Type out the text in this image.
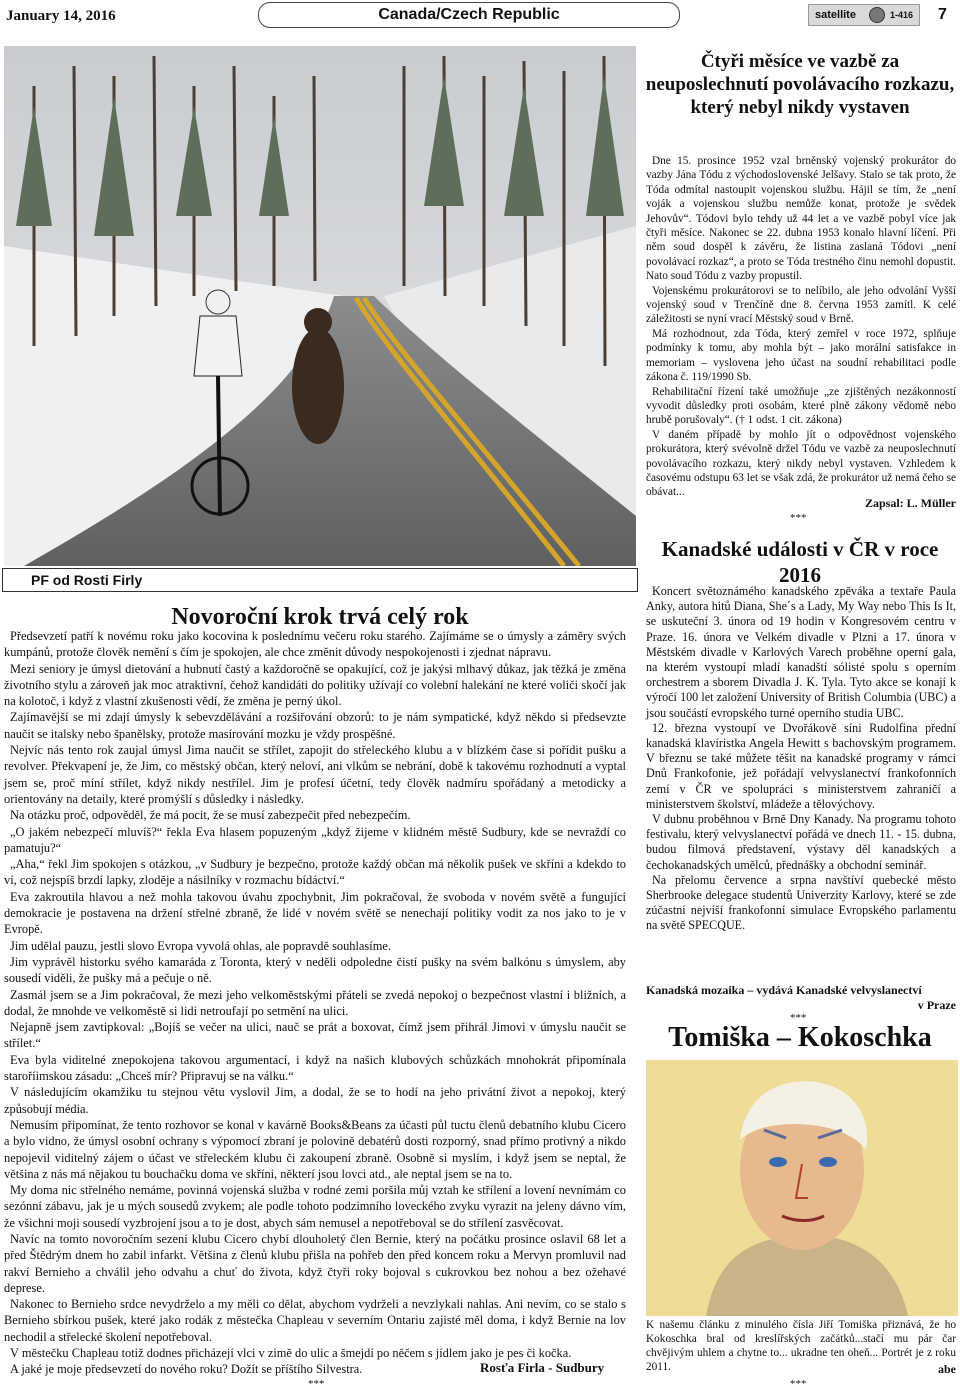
January 14, 2016	Canada/Czech Republic	satellite	1-416 7
PF od Rosti Firly
Novoroční krok trvá celý rok

Předsevzetí patří k novému roku jako kocovina k poslednímu večeru roku starého. Zajímáme se o úmysly a záměry svých kumpánů, protože člověk nemění s čím je spokojen, ale chce změnit důvody nespokojenosti i zjednat nápravu.

Mezi seniory je úmysl dietování a hubnutí častý a každoročně se opakující, což je jakýsi mlhavý důkaz, jak těžká je změna životního stylu a zároveň jak moc atraktivní, čehož kandidáti do politiky užívají co volební halekání ne které voliči skočí jak na kolotoč, i když z vlastní zkušenosti vědí, že změna je perný úkol.

Zajímavější se mi zdají úmysly k sebevzdělávání a rozšiřování obzorů: to je nám sympatické, když někdo si předsevzte naučit se italsky nebo španělsky, protože masírování mozku je vždy prospěšné.

Nejvíc nás tento rok zaujal úmysl Jima naučit se střílet, zapojit do střeleckého klubu a v blízkém čase si pořídit pušku a revolver. Překvapení je, že Jim, co městský občan, který neloví, ani vlkům se nebrání, době k takovému rozhodnutí a vyptal jsem se, proč míní střílet, když nikdy nestřílel. Jim je profesí účetní, tedy člověk nadmíru spořádaný a metodicky a orientovány na detaily, které promýšlí s důsledky i následky.

Na otázku proč, odpověděl, že má pocit, že se musí zabezpečit před nebezpečím.

„O jakém nebezpečí mluvíš?“ řekla Eva hlasem popuzeným „když žijeme v klidném městě Sudbury, kde se nevraždí co pamatuju?“

„Aha,“ řekl Jim spokojen s otázkou, „v Sudbury je bezpečno, protože každý občan má několik pušek ve skříni a kdekdo to ví, což nejspíš brzdí lapky, zloděje a násilníky v rozmachu bídáctví.“

Eva zakroutila hlavou a než mohla takovou úvahu zpochybnit, Jim pokračoval, že svoboda v novém světě a fungující demokracie je postavena na držení střelné zbraně, že lidé v novém světě se nenechají politiky vodit za nos jako to je v Evropě.

Jim udělal pauzu, jestli slovo Evropa vyvolá ohlas, ale popravdě souhlasíme.

Jim vyprávěl historku svého kamaráda z Toronta, který v neděli odpoledne čistí pušky na svém balkónu s úmyslem, aby sousedí viděli, že pušky má a pečuje o ně.

Zasmál jsem se a Jim pokračoval, že mezi jeho velkoměstskými přáteli se zvedá nepokoj o bezpečnost vlastní i bližních, a dodal, že mnohde ve velkoměstě si lidi netroufají po setmění na ulici.

Nejapně jsem zavtipkoval: „Bojíš se večer na ulici, nauč se prát a boxovat, čímž jsem přihrál Jimovi v úmyslu naučit se střílet.“

Eva byla viditelné znepokojena takovou argumentací, i když na našich klubových schůzkách mnohokrát připomínala staroříimskou zásadu: „Chceš mír? Připravuj se na válku.“

V následujícím okamžiku tu stejnou větu vyslovil Jim, a dodal, že se to hodí na jeho privátní život a nepokoj, který způsobují média.

Nemusím připomínat, že tento rozhovor se konal v kavárně Books&Beans za účasti půl tuctu členů debatního klubu Cicero a bylo vidno, že úmysl osobní ochrany s výpomocí zbraní je polovině debatérů dosti rozporný, snad přímo protivný a nikdo nepojevil viditelný zájem o účast ve střeleckém klubu či zakoupení zbraně. Osobně si myslím, i když jsem se neptal, že většina z nás má nějakou tu bouchačku doma ve skříni, některí jsou lovci atd., ale neptal jsem se na to.

My doma nic střelného nemáme, povinná vojenská služba v rodné zemi poršila můj vztah ke střílení a lovení nevnímám co sezónní zábavu, jak je u mých sousedů zvykem; ale podle tohoto podzimního loveckého zvyku vyrazit na jeleny dávno vím, že všichni moji sousedí vyzbrojení jsou a to je dost, abych sám nemusel a nepotřeboval se do střílení zasvěcovat.

Navíc na tomto novoročním sezení klubu Cicero chybí dlouholetý člen Bernie, který na počátku prosince oslavil 68 let a před Štědrým dnem ho zabil infarkt. Většina z členů klubu přišla na pohřeb den před koncem roku a Mervyn promluvil nad rakví Bernieho a chválil jeho odvahu a chuť do života, když čtyři roky bojoval s cukrovkou bez nohou a bez ožehavé deprese.

Nakonec to Bernieho srdce nevydrželo a my měli co dělat, abychom vydrželi a nevzlykali nahlas. Ani nevím, co se stalo s Bernieho sbírkou pušek, které jako rodák z městečka Chapleau v severním Ontariu zajisté měl doma, i když Bernie na lov nechodil a střelecké školení nepotřeboval.

V městečku Chapleau totiž dodnes přicházejí vlci v zimě do ulic a šmejdí po něčem s jídlem jako je pes či kočka.

A jaké je moje předsevzetí do nového roku? Dožít se příštího Silvestra.	Rosťa Firla - Sudbury
***
Čtyři měsíce ve vazbě za neuposlechnutí povolávacího rozkazu, který nebyl nikdy vystaven

Dne 15. prosince 1952 vzal brněnský vojenský prokurátor do vazby Jána Tódu z východoslovenské Jelšavy. Stalo se tak proto, že Tóda odmítal nastoupit vojenskou službu. Hájil se tím, že „není voják a vojenskou službu nemůže konat, protože je svědek Jehovův“. Tódovi bylo tehdy už 44 let a ve vazbě pobyl více jak čtyři měsíce. Nakonec se 22. dubna 1953 konalo hlavní líčení. Při něm soud dospěl k závěru, že listina zaslaná Tódovi „není povolávací rozkaz“, a proto se Tóda trestného činu nemohl dopustit. Nato soud Tódu z vazby propustil.

Vojenskému prokurátorovi se to nelíbilo, ale jeho odvolání Vyšší vojenský soud v Trenčíně dne 8. června 1953 zamítl. K celé záležitosti se nyní vrací Městský soud v Brně.

Má rozhodnout, zda Tóda, který zemřel v roce 1972, splňuje podmínky k tomu, aby mohla být – jako morální satisfakce in memoriam – vyslovena jeho účast na soudní rehabilitaci podle zákona č. 119/1990 Sb.

Rehabilitační řízení také umožňuje „ze zjištěných nezákonností vyvodit důsledky proti osobám, které plně zákony vědomě nebo hrubě porušovaly“. († 1 odst. 1 cit. zákona)

V daném případě by mohlo jít o odpovědnost vojenského prokurátora, který svévolně držel Tódu ve vazbě za neuposlechnutí povolávacího rozkazu, který nikdy nebyl vystaven. Vzhledem k časovému odstupu 63 let se však zdá, že prokurátor už nemá čeho se obávat...

Zapsal: L. Müller
***
Kanadské události v ČR v roce 2016

Koncert světoznámého kanadského zpěváka a textaře Paula Anky, autora hitů Diana, She´s a Lady, My Way nebo This Is It, se uskuteční 3. února od 19 hodin v Kongresovém centru v Praze. 16. února ve Velkém divadle v Plzni a 17. února v Městském divadle v Karlových Varech proběhne operní gala, na kterém vystoupí mladí kanadští sólisté spolu s operním orchestrem a sborem Divadla J. K. Tyla. Tyto akce se konají k výročí 100 let založení University of British Columbia (UBC) a jsou součástí evropského turné operního studia UBC.

12. března vystoupí ve Dvořákově síni Rudolfina přední kanadská klavíristka Angela Hewitt s bachovským programem. V březnu se také můžete těšit na kanadské programy v rámci Dnů Frankofonie, jež pořádají velvyslanectví frankofonních zemí v ČR ve spolupráci s ministerstvem zahraničí a ministerstvem školství, mládeže a tělovýchovy.

V dubnu proběhnou v Brně Dny Kanady. Na programu tohoto festivalu, který velvyslanectví pořádá ve dnech 11. - 15. dubna, budou filmová představení, výstavy děl kanadských a čechokanadských umělců, přednášky a obchodní seminář.

Na přelomu července a srpna navštíví quebecké město Sherbrooke delegace studentů Univerzity Karlovy, které se zde zúčastní nejvíší frankofonní simulace Evropského parlamentu na světě SPECQUE.

Kanadská mozaika – vydává Kanadské velvyslanectví
v Praze
***
Tomiška – Kokoschka
K našemu článku z minulého čísla Jiří Tomiška přiznává, že ho Kokoschka bral od kreslířských začátků...stačí mu pár čar chvějivým uhlem a chytne to... ukradne ten oheň... Portrét je z roku 2011.	abe
***
